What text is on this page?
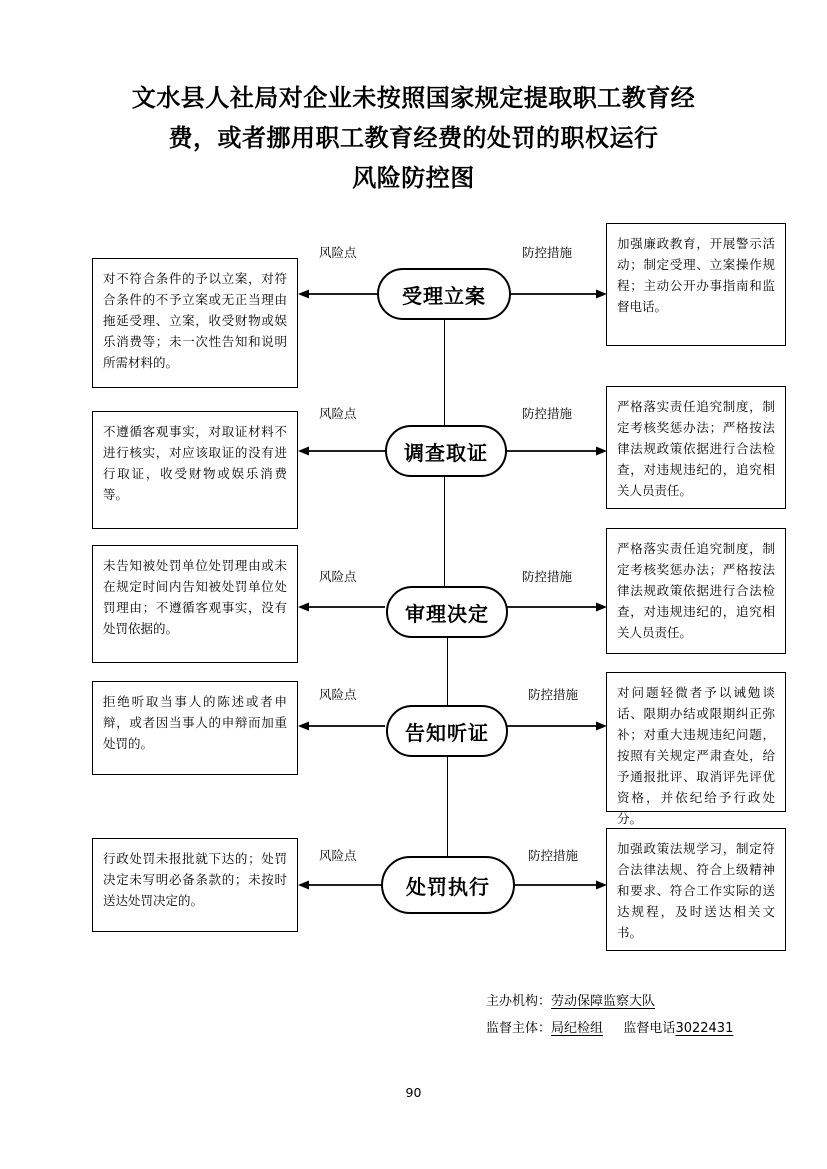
文水县人社局对企业未按照国家规定提取职工教育经
费，或者挪用职工教育经费的处罚的职权运行
风险防控图
受理立案
对不符合条件的予以立案，对符合条件的不予立案或无正当理由拖延受理、立案，收受财物或娱乐消费等；未一次性告知和说明所需材料的。
加强廉政教育，开展警示活动；制定受理、立案操作规程；主动公开办事指南和监督电话。
风险点	防控措施
调查取证
不遵循客观事实，对取证材料不进行核实，对应该取证的没有进行取证，收受财物或娱乐消费等。
严格落实责任追究制度，制定考核奖惩办法；严格按法律法规政策依据进行合法检查，对违规违纪的，追究相关人员责任。
风险点	防控措施
审理决定
未告知被处罚单位处罚理由或未在规定时间内告知被处罚单位处罚理由；不遵循客观事实，没有处罚依据的。
严格落实责任追究制度，制定考核奖惩办法；严格按法律法规政策依据进行合法检查，对违规违纪的，追究相关人员责任。
风险点	防控措施
告知听证
拒绝听取当事人的陈述或者申辩，或者因当事人的申辩而加重处罚的。
对问题轻微者予以诫勉谈话、限期办结或限期纠正弥补；对重大违规违纪问题，按照有关规定严肃查处，给予通报批评、取消评先评优资格，并依纪给予行政处分。
风险点	防控措施
处罚执行
行政处罚未报批就下达的；处罚决定未写明必备条款的；未按时送达处罚决定的。
加强政策法规学习，制定符合法律法规、符合上级精神和要求、符合工作实际的送达规程，及时送达相关文书。
风险点	防控措施
主办机构：劳动保障监察大队
监督主体：局纪检组 监督电话3022431
90
